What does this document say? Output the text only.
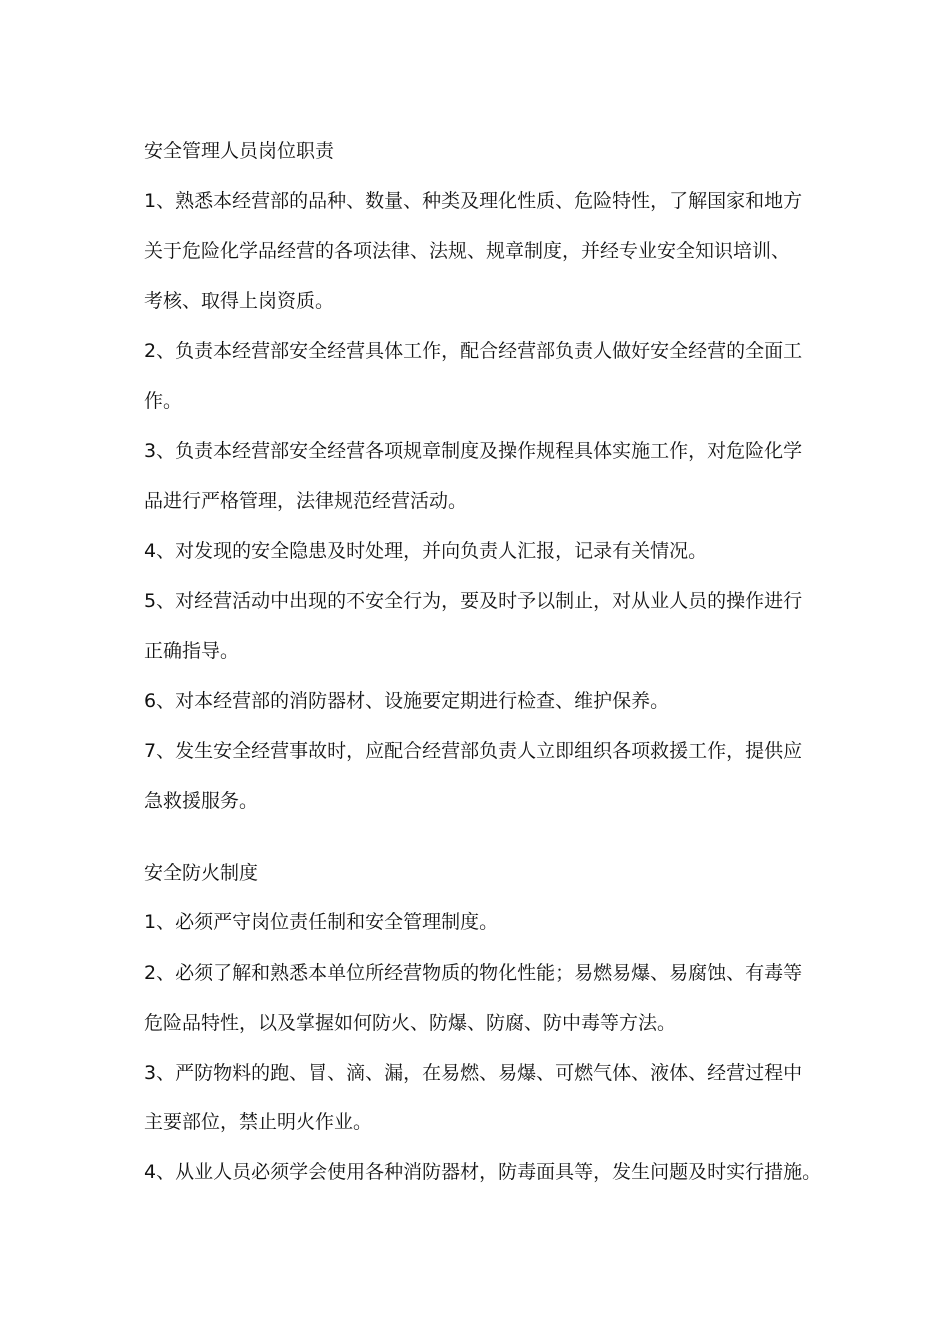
安全管理人员岗位职责
1、熟悉本经营部的品种、数量、种类及理化性质、危险特性，了解国家和地方
关于危险化学品经营的各项法律、法规、规章制度，并经专业安全知识培训、
考核、取得上岗资质。
2、负责本经营部安全经营具体工作，配合经营部负责人做好安全经营的全面工
作。
3、负责本经营部安全经营各项规章制度及操作规程具体实施工作，对危险化学
品进行严格管理，法律规范经营活动。
4、对发现的安全隐患及时处理，并向负责人汇报，记录有关情况。
5、对经营活动中出现的不安全行为，要及时予以制止，对从业人员的操作进行
正确指导。
6、对本经营部的消防器材、设施要定期进行检查、维护保养。
7、发生安全经营事故时，应配合经营部负责人立即组织各项救援工作，提供应
急救援服务。
安全防火制度
1、必须严守岗位责任制和安全管理制度。
2、必须了解和熟悉本单位所经营物质的物化性能；易燃易爆、易腐蚀、有毒等
危险品特性，以及掌握如何防火、防爆、防腐、防中毒等方法。
3、严防物料的跑、冒、滴、漏，在易燃、易爆、可燃气体、液体、经营过程中
主要部位，禁止明火作业。
4、从业人员必须学会使用各种消防器材，防毒面具等，发生问题及时实行措施。
